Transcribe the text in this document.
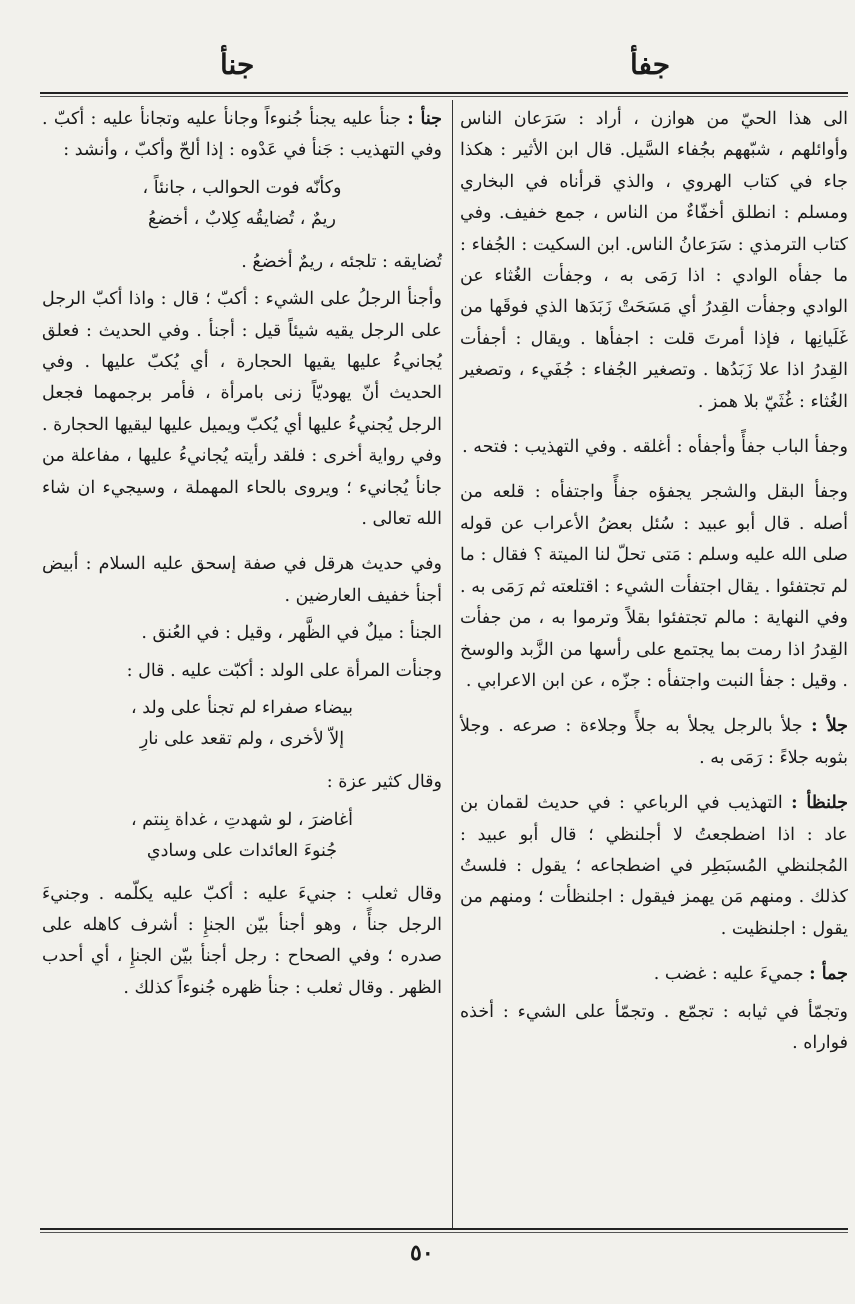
جفأ
جنأ

الى هذا الحيّ من هوازن ، أراد : سَرَعان الناس وأوائلهم ، شبّههم بجُفاء السَّيل. قال ابن الأثير : هكذا جاء في كتاب الهروي ، والذي قرأناه في البخاري ومسلم : انطلق أخفّاءٌ من الناس ، جمع خفيف. وفي كتاب الترمذي : سَرَعانُ الناس. ابن السكيت : الجُفاء : ما جفأه الوادي : اذا رَمَى به ، وجفأت الغُثاء عن الوادي وجفأت القِدرُ أي مَسَحَتْ زَبَدَها الذي فوقَها من غَلَيانِها ، فإذا أمرتَ قلت : اجفأها . ويقال : أجفأت القِدرُ اذا علا زَبَدُها . وتصغير الجُفاء : جُفَيء ، وتصغير الغُثاء : غُثَيّ بلا همز .

وجفأ الباب جفأً وأجفأه : أغلقه . وفي التهذيب : فتحه .

وجفأ البقل والشجر يجفؤه جفأً واجتفأه : قلعه من أصله . قال أبو عبيد : سُئل بعضُ الأعراب عن قوله صلى الله عليه وسلم : مَتى تحلّ لنا الميتة ؟ فقال : ما لم تجتفئوا . يقال اجتفأت الشيء : اقتلعته ثم رَمَى به . وفي النهاية : مالم تجتفئوا بقلاً وترموا به ، من جفأت القِدرُ اذا رمت بما يجتمع على رأسها من الزَّبد والوسخ . وقيل : جفأ النبت واجتفأه : جزّه ، عن ابن الاعرابي .

جلأ : جلأ بالرجل يجلأ به جلأً وجلاءة : صرعه . وجلأ بثوبه جلاءً : رَمَى به .

جلنظأ : التهذيب في الرباعي : في حديث لقمان بن عاد : اذا اضطجعتُ لا أجلنظي ؛ قال أبو عبيد : المُجلنظي المُسبَطِر في اضطجاعه ؛ يقول : فلستُ كذلك . ومنهم مَن يهمز فيقول : اجلنظأت ؛ ومنهم من يقول : اجلنظيت .

جمأ : جميءَ عليه : غضب .

وتجمّأ في ثيابه : تجمّع . وتجمّأ على الشيء : أخذه فواراه .

جنأ : جنأ عليه يجنأ جُنوءاً وجانأ عليه وتجانأ عليه : أكبّ . وفي التهذيب : جَنأ في عَدْوه : إذا ألحّ وأكبّ ، وأنشد :

وكأنّه فوت الحوالب ، جانئاً ،
ريمٌ ، تُضايقُه كِلابٌ ، أخضعُ

تُضايقه : تلجئه ، ريمٌ أخضعُ .

وأجنأ الرجلُ على الشيء : أكبّ ؛ قال : واذا أكبّ الرجل على الرجل يقيه شيئاً قيل : أجنأ . وفي الحديث : فعلق يُجانيءُ عليها يقيها الحجارة ، أي يُكبّ عليها . وفي الحديث أنّ يهوديّاً زنى بامرأة ، فأمر برجمهما فجعل الرجل يُجنيءُ عليها أي يُكبّ ويميل عليها ليقيها الحجارة . وفي رواية أخرى : فلقد رأيته يُجانيءُ عليها ، مفاعلة من جانأ يُجانيء ؛ ويروى بالحاء المهملة ، وسيجيء ان شاء الله تعالى .

وفي حديث هرقل في صفة إسحق عليه السلام : أبيض أجنأ خفيف العارضين .

الجنأ : ميلٌ في الظَّهر ، وقيل : في العُنق .

وجنأت المرأة على الولد : أكبّت عليه . قال :

بيضاء صفراء لم تجنأ على ولد ،
إلاّ لأخرى ، ولم تقعد على نارِ

وقال كثير عزة :

أغاضرَ ، لو شهدتِ ، غداة بِنتم ،
جُنوءَ العائدات على وسادي

وقال ثعلب : جنيءَ عليه : أكبّ عليه يكلّمه . وجنيءَ الرجل جنأً ، وهو أجنأ بيّن الجنإِ : أشرف كاهله على صدره ؛ وفي الصحاح : رجل أجنأ بيّن الجنإِ ، أي أحدب الظهر . وقال ثعلب : جنأ ظهره جُنوءاً كذلك .

٥٠
